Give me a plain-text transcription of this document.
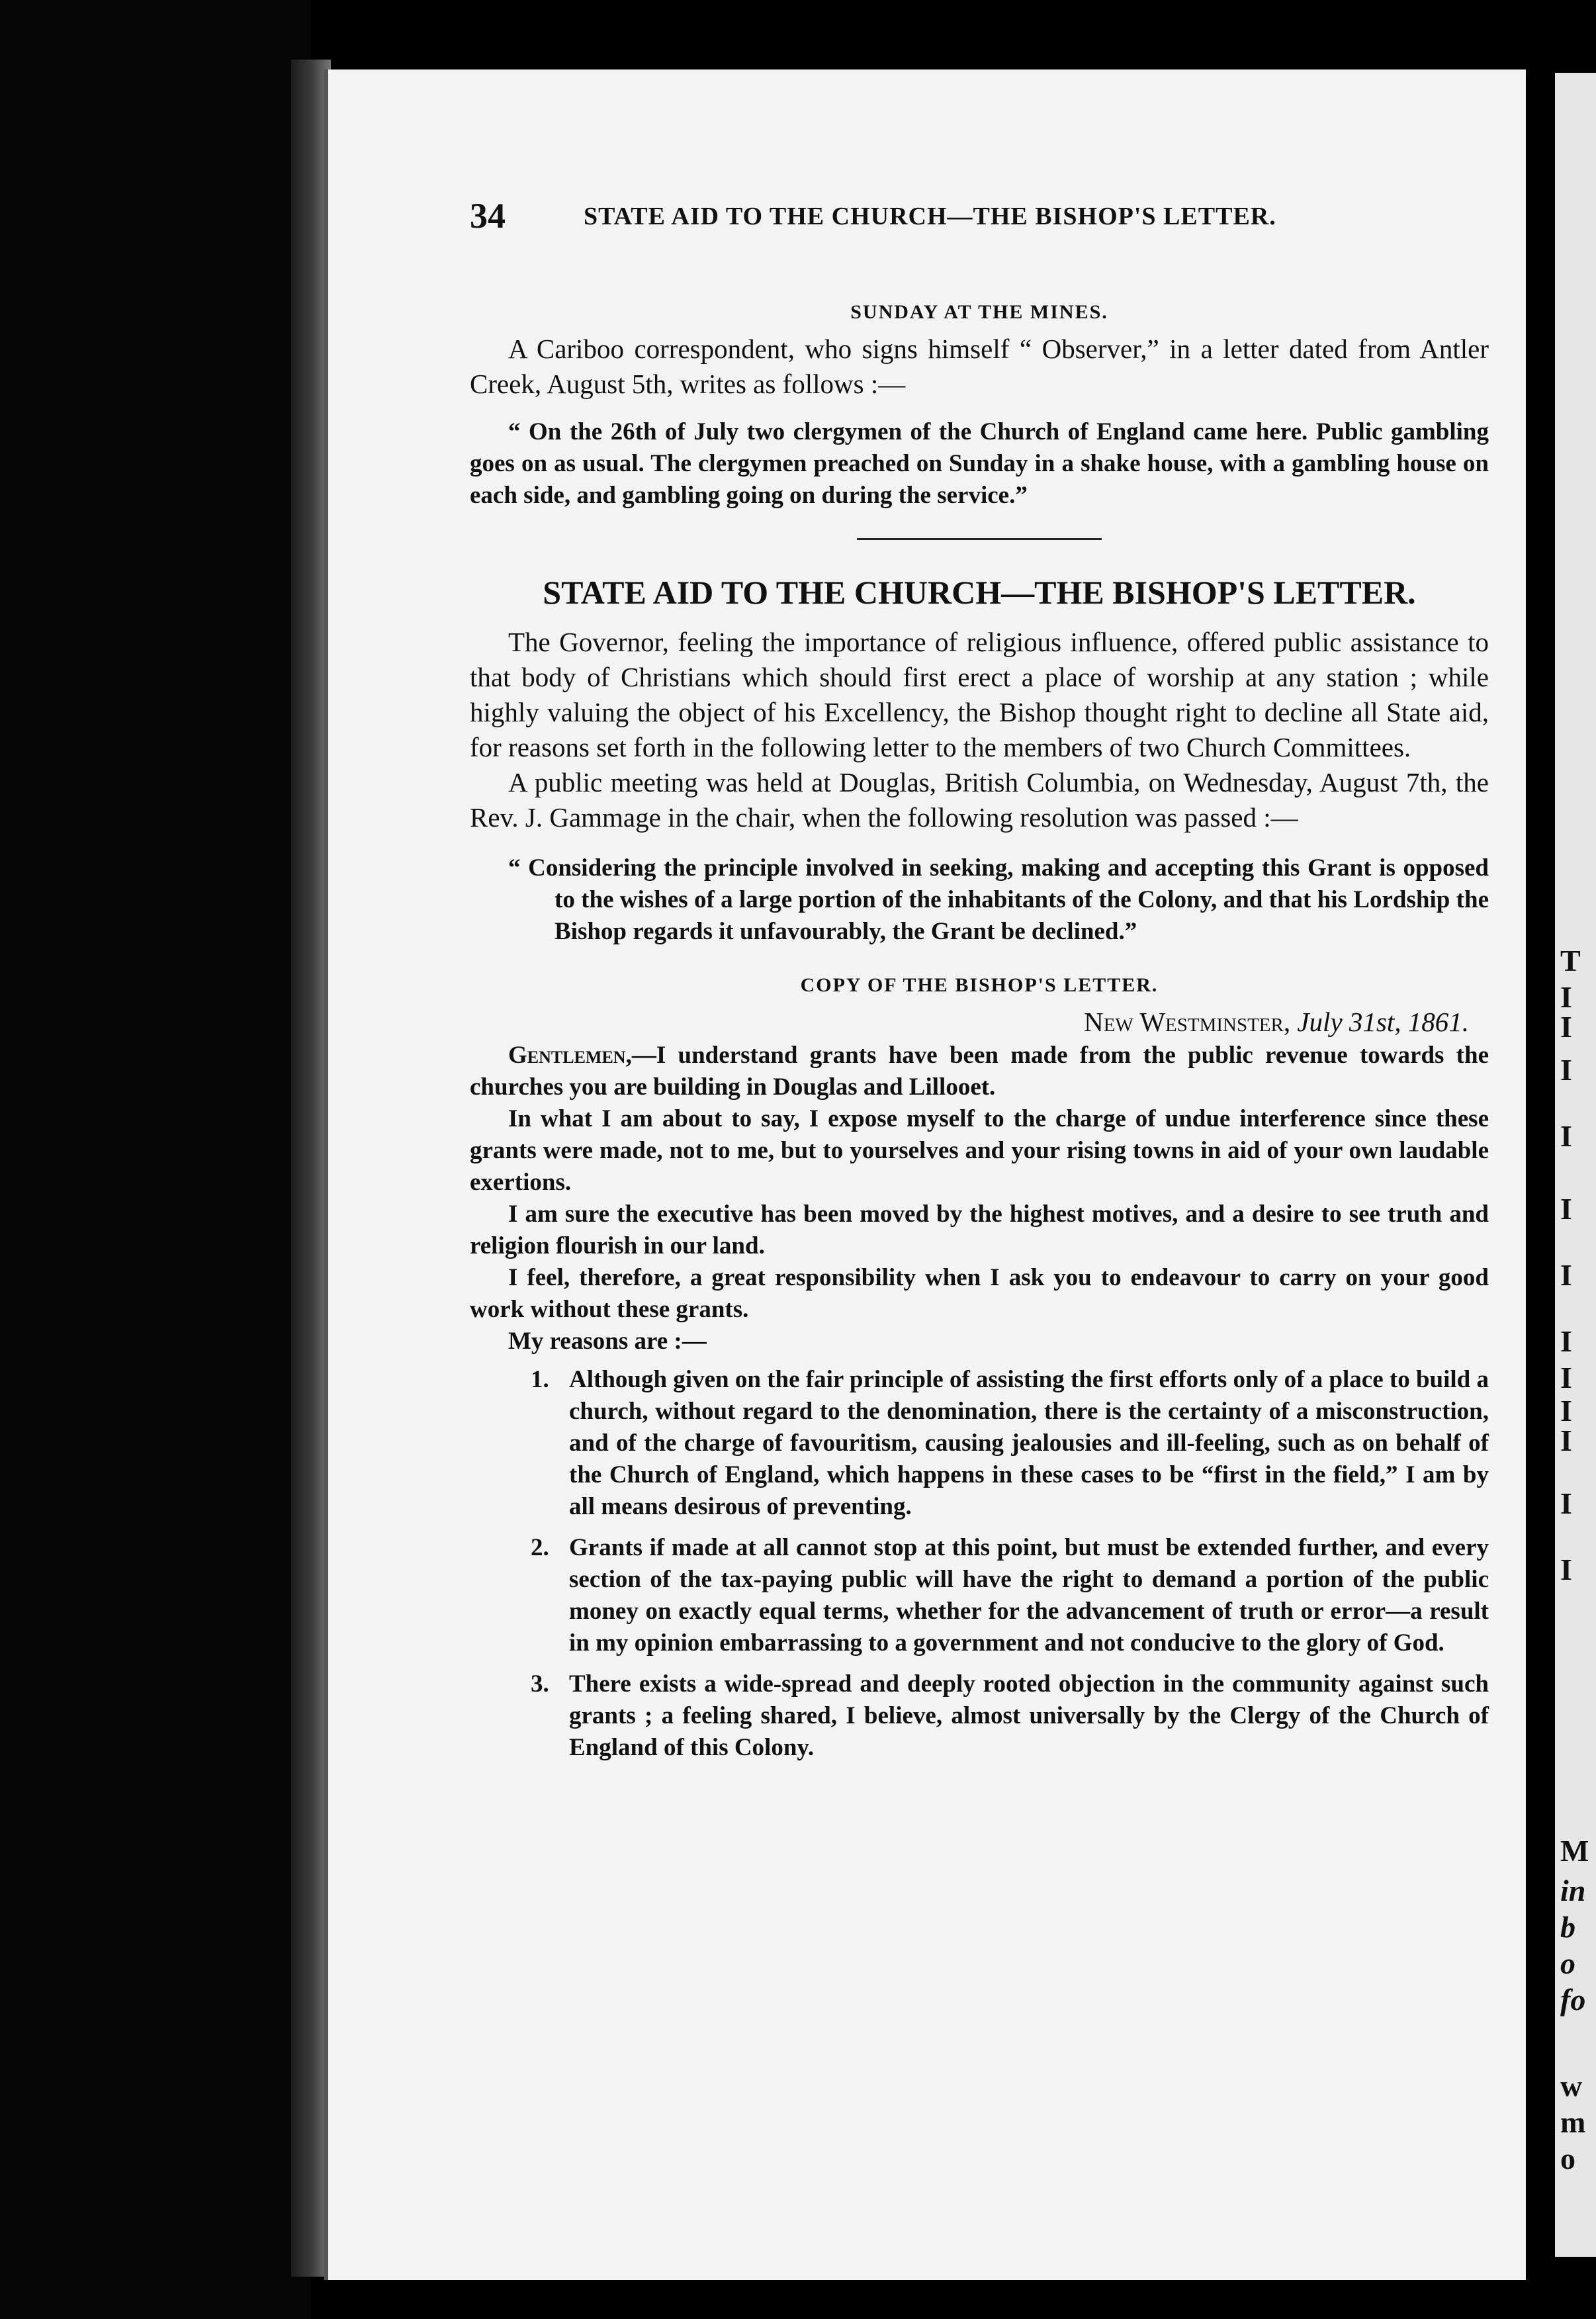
T
I
I
I
I
I
I
I
I
I
I
I
I
M
in
b
o
fo
w
m
o
34	STATE AID TO THE CHURCH—THE BISHOP'S LETTER.
SUNDAY AT THE MINES.

A Cariboo correspondent, who signs himself “ Observer,” in a letter dated from Antler Creek, August 5th, writes as follows :—

“ On the 26th of July two clergymen of the Church of England came here. Public gambling goes on as usual. The clergymen preached on Sunday in a shake house, with a gambling house on each side, and gambling going on during the service.”

STATE AID TO THE CHURCH—THE BISHOP'S LETTER.

The Governor, feeling the importance of religious influence, offered public assistance to that body of Christians which should first erect a place of worship at any station ; while highly valuing the object of his Excellency, the Bishop thought right to decline all State aid, for reasons set forth in the following letter to the members of two Church Committees.

A public meeting was held at Douglas, British Columbia, on Wednesday, August 7th, the Rev. J. Gammage in the chair, when the following resolution was passed :—

“ Considering the principle involved in seeking, making and accepting this Grant is opposed to the wishes of a large portion of the inhabitants of the Colony, and that his Lordship the Bishop regards it unfavourably, the Grant be declined.”

COPY OF THE BISHOP'S LETTER.

New Westminster, July 31st, 1861.

Gentlemen,—I understand grants have been made from the public revenue towards the churches you are building in Douglas and Lillooet.

In what I am about to say, I expose myself to the charge of undue interference since these grants were made, not to me, but to yourselves and your rising towns in aid of your own laudable exertions.

I am sure the executive has been moved by the highest motives, and a desire to see truth and religion flourish in our land.

I feel, therefore, a great responsibility when I ask you to endeavour to carry on your good work without these grants.

My reasons are :—

1. Although given on the fair principle of assisting the first efforts only of a place to build a church, without regard to the denomination, there is the certainty of a misconstruction, and of the charge of favouritism, causing jealousies and ill-feeling, such as on behalf of the Church of England, which happens in these cases to be “first in the field,” I am by all means desirous of preventing.
2. Grants if made at all cannot stop at this point, but must be extended further, and every section of the tax-paying public will have the right to demand a portion of the public money on exactly equal terms, whether for the advancement of truth or error—a result in my opinion embarrassing to a government and not conducive to the glory of God.
3. There exists a wide-spread and deeply rooted objection in the community against such grants ; a feeling shared, I believe, almost universally by the Clergy of the Church of England of this Colony.
